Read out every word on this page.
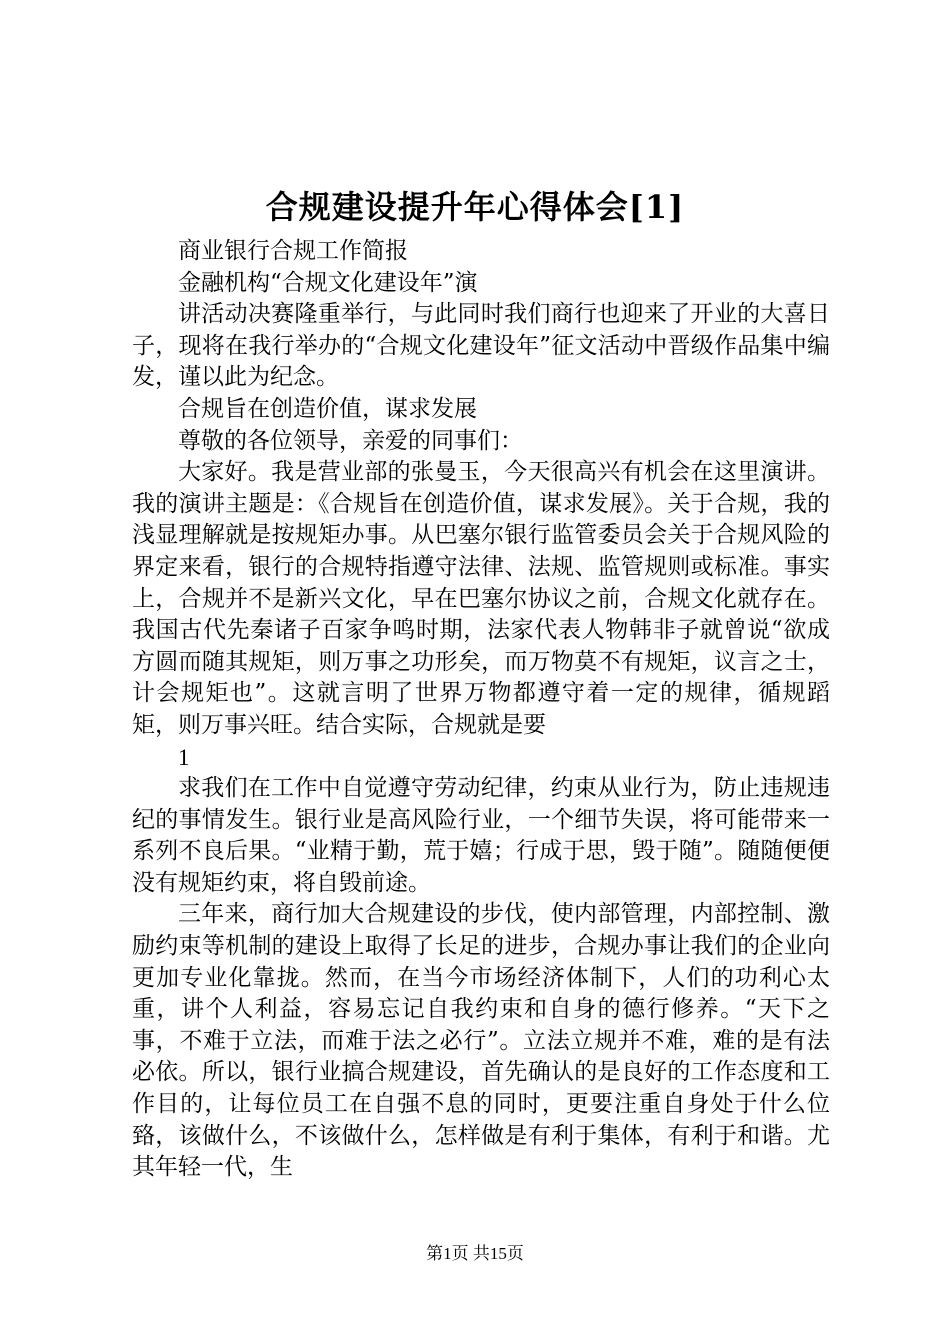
合规建设提升年心得体会[1]

商业银行合规工作简报

金融机构“合规文化建设年”演

讲活动决赛隆重举行，与此同时我们商行也迎来了开业的大喜日子，现将在我行举办的“合规文化建设年”征文活动中晋级作品集中编发，谨以此为纪念。

合规旨在创造价值，谋求发展

尊敬的各位领导，亲爱的同事们：

大家好。我是营业部的张曼玉，今天很高兴有机会在这里演讲。我的演讲主题是：《合规旨在创造价值，谋求发展》。关于合规，我的浅显理解就是按规矩办事。从巴塞尔银行监管委员会关于合规风险的界定来看，银行的合规特指遵守法律、法规、监管规则或标准。事实上，合规并不是新兴文化，早在巴塞尔协议之前，合规文化就存在。我国古代先秦诸子百家争鸣时期，法家代表人物韩非子就曾说“欲成方圆而随其规矩，则万事之功形矣，而万物莫不有规矩，议言之士，计会规矩也”。这就言明了世界万物都遵守着一定的规律，循规蹈矩，则万事兴旺。结合实际，合规就是要

1

求我们在工作中自觉遵守劳动纪律，约束从业行为，防止违规违纪的事情发生。银行业是高风险行业，一个细节失误，将可能带来一系列不良后果。“业精于勤，荒于嬉；行成于思，毁于随”。随随便便没有规矩约束，将自毁前途。

三年来，商行加大合规建设的步伐，使内部管理，内部控制、激励约束等机制的建设上取得了长足的进步，合规办事让我们的企业向更加专业化靠拢。然而，在当今市场经济体制下，人们的功利心太重，讲个人利益，容易忘记自我约束和自身的德行修养。“天下之事，不难于立法，而难于法之必行”。立法立规并不难，难的是有法必依。所以，银行业搞合规建设，首先确认的是良好的工作态度和工作目的，让每位员工在自强不息的同时，更要注重自身处于什么位臵，该做什么，不该做什么，怎样做是有利于集体，有利于和谐。尤其年轻一代，生

第1页 共15页
